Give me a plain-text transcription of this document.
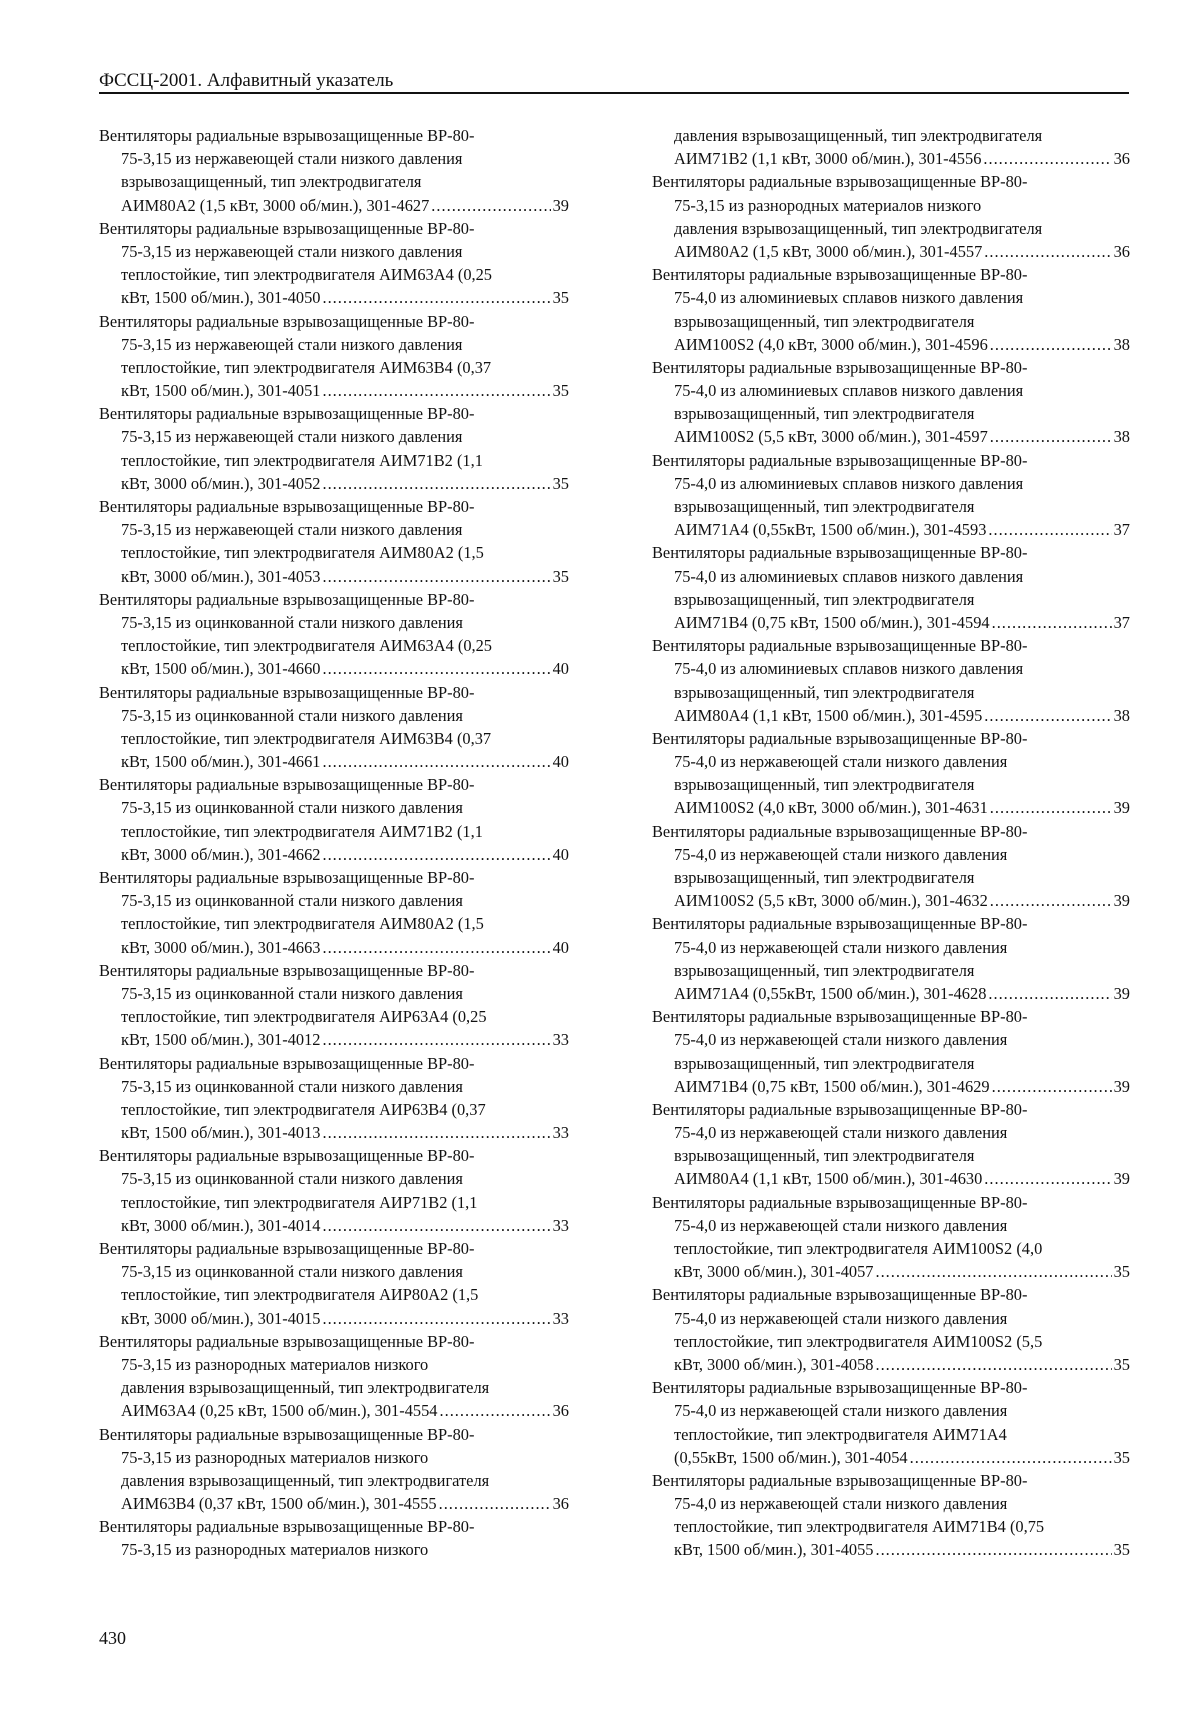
ФССЦ-2001. Алфавитный указатель
Вентиляторы радиальные взрывозащищенные ВР-80-
75-3,15 из нержавеющей стали низкого давления
взрывозащищенный, тип электродвигателя
АИМ80А2 (1,5 кВт, 3000 об/мин.), 301-4627 .....	39
Вентиляторы радиальные взрывозащищенные ВР-80-
75-3,15 из нержавеющей стали низкого давления
теплостойкие, тип электродвигателя АИМ63А4 (0,25
кВт, 1500 об/мин.), 301-4050 .....	35
Вентиляторы радиальные взрывозащищенные ВР-80-
75-3,15 из нержавеющей стали низкого давления
теплостойкие, тип электродвигателя АИМ63В4 (0,37
кВт, 1500 об/мин.), 301-4051 .....	35
Вентиляторы радиальные взрывозащищенные ВР-80-
75-3,15 из нержавеющей стали низкого давления
теплостойкие, тип электродвигателя АИМ71В2 (1,1
кВт, 3000 об/мин.), 301-4052 .....	35
Вентиляторы радиальные взрывозащищенные ВР-80-
75-3,15 из нержавеющей стали низкого давления
теплостойкие, тип электродвигателя АИМ80А2 (1,5
кВт, 3000 об/мин.), 301-4053 .....	35
Вентиляторы радиальные взрывозащищенные ВР-80-
75-3,15 из оцинкованной стали низкого давления
теплостойкие, тип электродвигателя АИМ63А4 (0,25
кВт, 1500 об/мин.), 301-4660 .....	40
Вентиляторы радиальные взрывозащищенные ВР-80-
75-3,15 из оцинкованной стали низкого давления
теплостойкие, тип электродвигателя АИМ63В4 (0,37
кВт, 1500 об/мин.), 301-4661 .....	40
Вентиляторы радиальные взрывозащищенные ВР-80-
75-3,15 из оцинкованной стали низкого давления
теплостойкие, тип электродвигателя АИМ71В2 (1,1
кВт, 3000 об/мин.), 301-4662 .....	40
Вентиляторы радиальные взрывозащищенные ВР-80-
75-3,15 из оцинкованной стали низкого давления
теплостойкие, тип электродвигателя АИМ80А2 (1,5
кВт, 3000 об/мин.), 301-4663 .....	40
Вентиляторы радиальные взрывозащищенные ВР-80-
75-3,15 из оцинкованной стали низкого давления
теплостойкие, тип электродвигателя АИР63А4 (0,25
кВт, 1500 об/мин.), 301-4012 .....	33
Вентиляторы радиальные взрывозащищенные ВР-80-
75-3,15 из оцинкованной стали низкого давления
теплостойкие, тип электродвигателя АИР63В4 (0,37
кВт, 1500 об/мин.), 301-4013 .....	33
Вентиляторы радиальные взрывозащищенные ВР-80-
75-3,15 из оцинкованной стали низкого давления
теплостойкие, тип электродвигателя АИР71В2 (1,1
кВт, 3000 об/мин.), 301-4014 .....	33
Вентиляторы радиальные взрывозащищенные ВР-80-
75-3,15 из оцинкованной стали низкого давления
теплостойкие, тип электродвигателя АИР80А2 (1,5
кВт, 3000 об/мин.), 301-4015 .....	33
Вентиляторы радиальные взрывозащищенные ВР-80-
75-3,15 из разнородных материалов низкого
давления взрывозащищенный, тип электродвигателя
АИМ63А4 (0,25 кВт, 1500 об/мин.), 301-4554 .....	36
Вентиляторы радиальные взрывозащищенные ВР-80-
75-3,15 из разнородных материалов низкого
давления взрывозащищенный, тип электродвигателя
АИМ63В4 (0,37 кВт, 1500 об/мин.), 301-4555 .....	36
Вентиляторы радиальные взрывозащищенные ВР-80-
75-3,15 из разнородных материалов низкого
давления взрывозащищенный, тип электродвигателя
АИМ71В2 (1,1 кВт, 3000 об/мин.), 301-4556 .....	36
Вентиляторы радиальные взрывозащищенные ВР-80-
75-3,15 из разнородных материалов низкого
давления взрывозащищенный, тип электродвигателя
АИМ80А2 (1,5 кВт, 3000 об/мин.), 301-4557 .....	36
Вентиляторы радиальные взрывозащищенные ВР-80-
75-4,0 из алюминиевых сплавов низкого давления
взрывозащищенный, тип электродвигателя
АИМ100S2 (4,0 кВт, 3000 об/мин.), 301-4596 .....	38
Вентиляторы радиальные взрывозащищенные ВР-80-
75-4,0 из алюминиевых сплавов низкого давления
взрывозащищенный, тип электродвигателя
АИМ100S2 (5,5 кВт, 3000 об/мин.), 301-4597 .....	38
Вентиляторы радиальные взрывозащищенные ВР-80-
75-4,0 из алюминиевых сплавов низкого давления
взрывозащищенный, тип электродвигателя
АИМ71А4 (0,55кВт, 1500 об/мин.), 301-4593 .....	37
Вентиляторы радиальные взрывозащищенные ВР-80-
75-4,0 из алюминиевых сплавов низкого давления
взрывозащищенный, тип электродвигателя
АИМ71В4 (0,75 кВт, 1500 об/мин.), 301-4594 .....	37
Вентиляторы радиальные взрывозащищенные ВР-80-
75-4,0 из алюминиевых сплавов низкого давления
взрывозащищенный, тип электродвигателя
АИМ80А4 (1,1 кВт, 1500 об/мин.), 301-4595 .....	38
Вентиляторы радиальные взрывозащищенные ВР-80-
75-4,0 из нержавеющей стали низкого давления
взрывозащищенный, тип электродвигателя
АИМ100S2 (4,0 кВт, 3000 об/мин.), 301-4631 .....	39
Вентиляторы радиальные взрывозащищенные ВР-80-
75-4,0 из нержавеющей стали низкого давления
взрывозащищенный, тип электродвигателя
АИМ100S2 (5,5 кВт, 3000 об/мин.), 301-4632 .....	39
Вентиляторы радиальные взрывозащищенные ВР-80-
75-4,0 из нержавеющей стали низкого давления
взрывозащищенный, тип электродвигателя
АИМ71А4 (0,55кВт, 1500 об/мин.), 301-4628 .....	39
Вентиляторы радиальные взрывозащищенные ВР-80-
75-4,0 из нержавеющей стали низкого давления
взрывозащищенный, тип электродвигателя
АИМ71В4 (0,75 кВт, 1500 об/мин.), 301-4629 .....	39
Вентиляторы радиальные взрывозащищенные ВР-80-
75-4,0 из нержавеющей стали низкого давления
взрывозащищенный, тип электродвигателя
АИМ80А4 (1,1 кВт, 1500 об/мин.), 301-4630 .....	39
Вентиляторы радиальные взрывозащищенные ВР-80-
75-4,0 из нержавеющей стали низкого давления
теплостойкие, тип электродвигателя АИМ100S2 (4,0
кВт, 3000 об/мин.), 301-4057 .....	35
Вентиляторы радиальные взрывозащищенные ВР-80-
75-4,0 из нержавеющей стали низкого давления
теплостойкие, тип электродвигателя АИМ100S2 (5,5
кВт, 3000 об/мин.), 301-4058 .....	35
Вентиляторы радиальные взрывозащищенные ВР-80-
75-4,0 из нержавеющей стали низкого давления
теплостойкие, тип электродвигателя АИМ71А4
(0,55кВт, 1500 об/мин.), 301-4054 .....	35
Вентиляторы радиальные взрывозащищенные ВР-80-
75-4,0 из нержавеющей стали низкого давления
теплостойкие, тип электродвигателя АИМ71В4 (0,75
кВт, 1500 об/мин.), 301-4055 .....	35
430
